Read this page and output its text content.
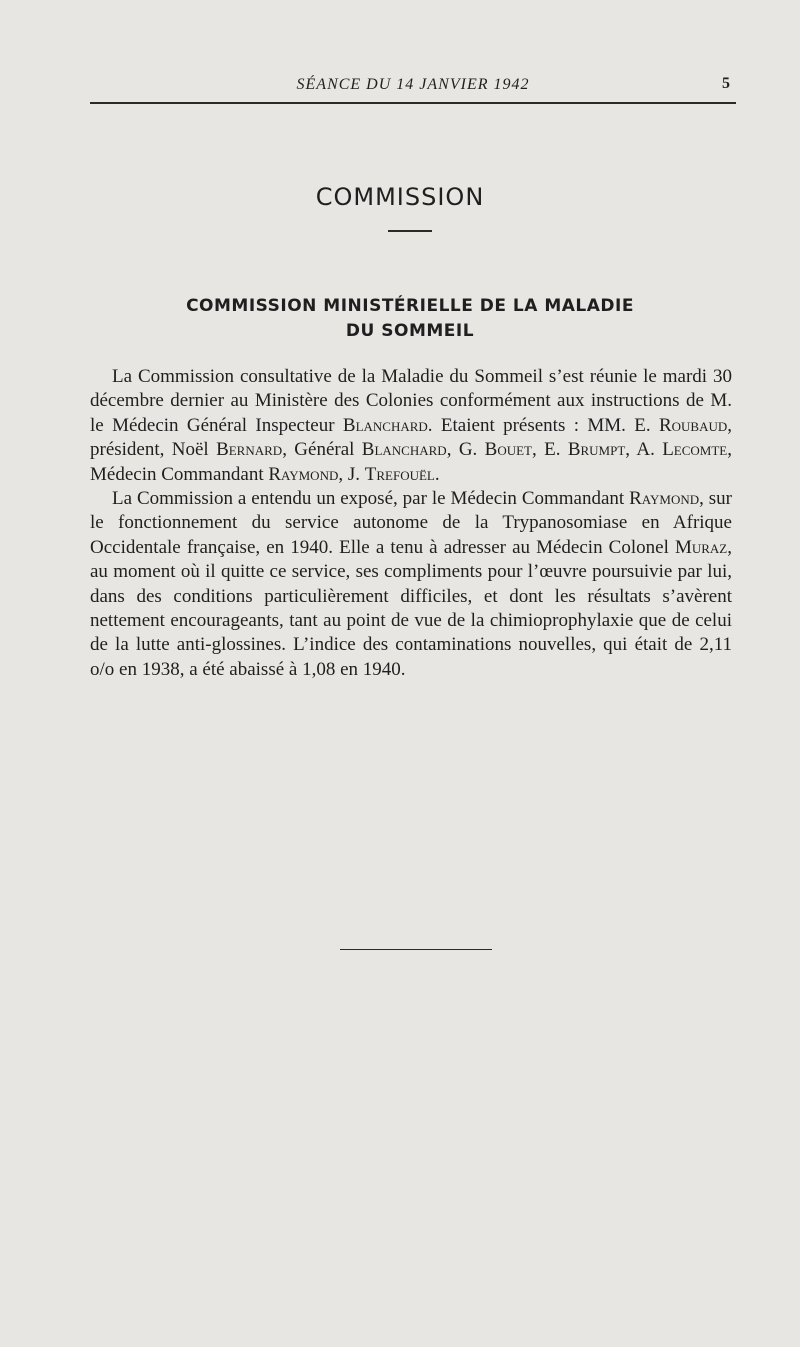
SÉANCE DU 14 JANVIER 1942	5
COMMISSION
COMMISSION MINISTÉRIELLE DE LA MALADIE
DU SOMMEIL

La Commission consultative de la Maladie du Sommeil s’est réunie le mardi 30 décembre dernier au Ministère des Colonies conformément aux instructions de M. le Médecin Général Inspecteur Blanchard. Etaient présents : MM. E. Roubaud, président, Noël Bernard, Général Blanchard, G. Bouet, E. Brumpt, A. Lecomte, Médecin Commandant Raymond, J. Trefouël.

La Commission a entendu un exposé, par le Médecin Commandant Raymond, sur le fonctionnement du service autonome de la Trypanosomiase en Afrique Occidentale française, en 1940. Elle a tenu à adresser au Médecin Colonel Muraz, au moment où il quitte ce service, ses compliments pour l’œuvre poursuivie par lui, dans des conditions particulièrement difficiles, et dont les résultats s’avèrent nettement encourageants, tant au point de vue de la chimioprophylaxie que de celui de la lutte anti-glossines. L’indice des contaminations nouvelles, qui était de 2,11 o/o en 1938, a été abaissé à 1,08 en 1940.
